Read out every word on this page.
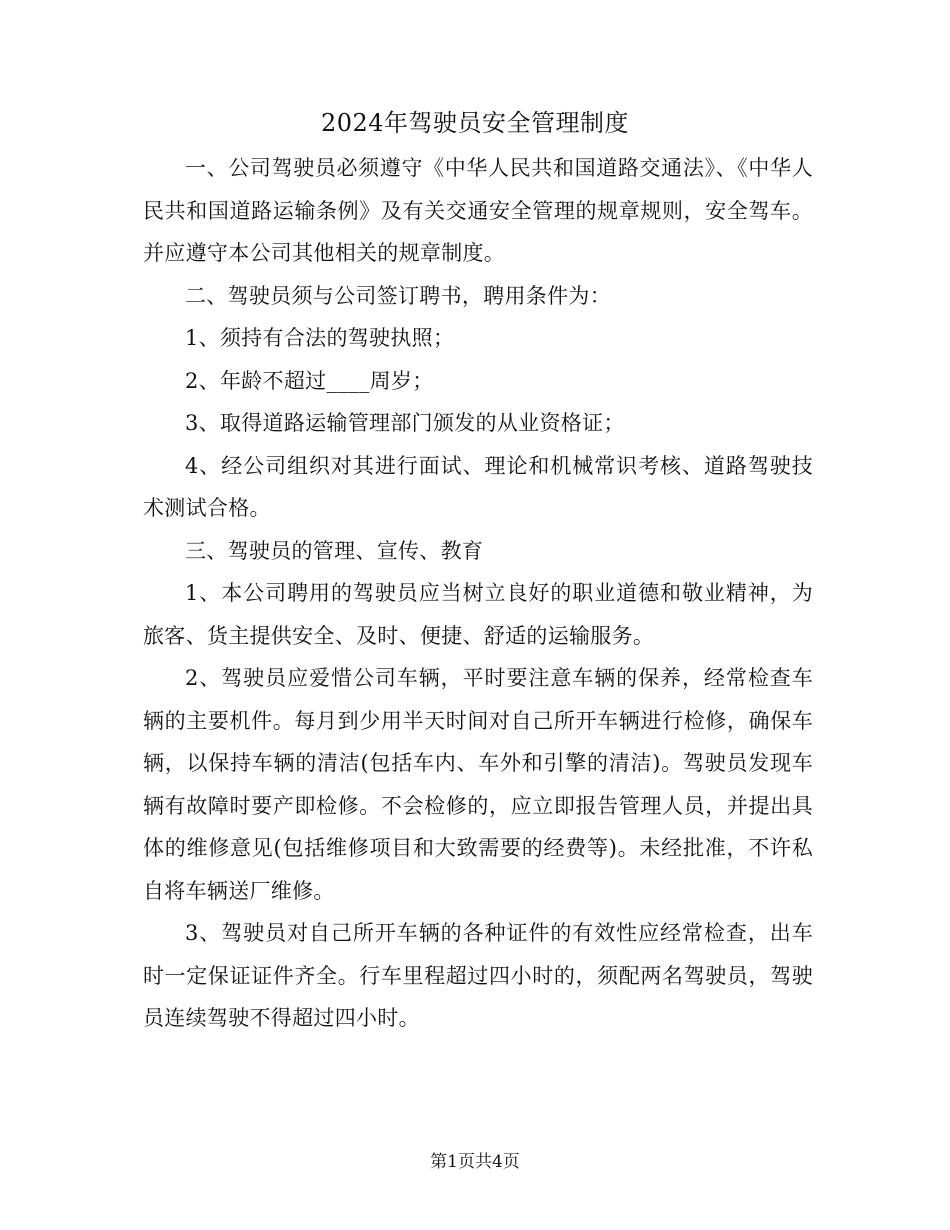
2024年驾驶员安全管理制度

一、公司驾驶员必须遵守《中华人民共和国道路交通法》、《中华人民共和国道路运输条例》及有关交通安全管理的规章规则，安全驾车。并应遵守本公司其他相关的规章制度。

二、驾驶员须与公司签订聘书，聘用条件为：

1、须持有合法的驾驶执照；

2、年龄不超过____周岁；

3、取得道路运输管理部门颁发的从业资格证；

4、经公司组织对其进行面试、理论和机械常识考核、道路驾驶技术测试合格。

三、驾驶员的管理、宣传、教育

1、本公司聘用的驾驶员应当树立良好的职业道德和敬业精神，为旅客、货主提供安全、及时、便捷、舒适的运输服务。

2、驾驶员应爱惜公司车辆，平时要注意车辆的保养，经常检查车辆的主要机件。每月到少用半天时间对自己所开车辆进行检修，确保车辆，以保持车辆的清洁(包括车内、车外和引擎的清洁)。驾驶员发现车辆有故障时要产即检修。不会检修的，应立即报告管理人员，并提出具体的维修意见(包括维修项目和大致需要的经费等)。未经批准，不许私自将车辆送厂维修。

3、驾驶员对自己所开车辆的各种证件的有效性应经常检查，出车时一定保证证件齐全。行车里程超过四小时的，须配两名驾驶员，驾驶员连续驾驶不得超过四小时。

第1页共4页
